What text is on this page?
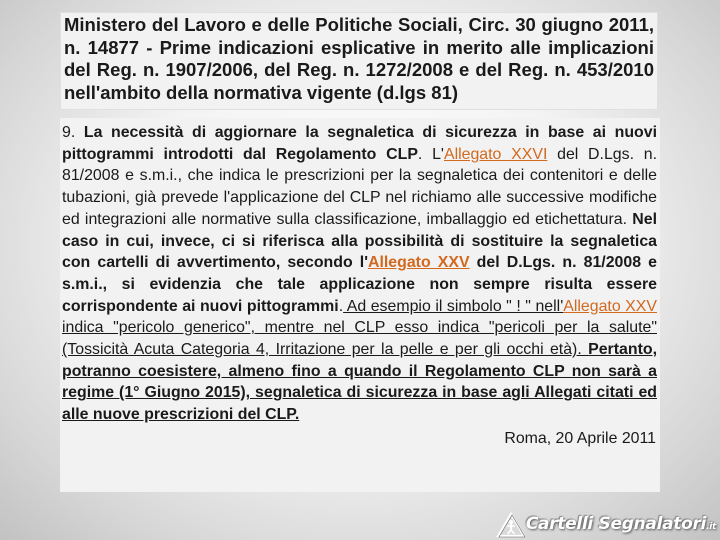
Ministero del Lavoro e delle Politiche Sociali, Circ. 30 giugno 2011, n. 14877 - Prime indicazioni esplicative in merito alle implicazioni del Reg. n. 1907/2006, del Reg. n. 1272/2008 e del Reg. n. 453/2010 nell'ambito della normativa vigente (d.lgs 81)
9. La necessità di aggiornare la segnaletica di sicurezza in base ai nuovi pittogrammi introdotti dal Regolamento CLP. L'Allegato XXVI del D.Lgs. n. 81/2008 e s.m.i., che indica le prescrizioni per la segnaletica dei contenitori e delle tubazioni, già prevede l'applicazione del CLP nel richiamo alle successive modifiche ed integrazioni alle normative sulla classificazione, imballaggio ed etichettatura. Nel caso in cui, invece, ci si riferisca alla possibilità di sostituire la segnaletica con cartelli di avvertimento, secondo l'Allegato XXV del D.Lgs. n. 81/2008 e s.m.i., si evidenzia che tale applicazione non sempre risulta essere corrispondente ai nuovi pittogrammi. Ad esempio il simbolo " ! " nell'Allegato XXV indica "pericolo generico", mentre nel CLP esso indica "pericoli per la salute" (Tossicità Acuta Categoria 4, Irritazione per la pelle e per gli occhi età). Pertanto, potranno coesistere, almeno fino a quando il Regolamento CLP non sarà a regime (1° Giugno 2015), segnaletica di sicurezza in base agli Allegati citati ed alle nuove prescrizioni del CLP.
Roma, 20 Aprile 2011
Cartelli Segnalatori.it
